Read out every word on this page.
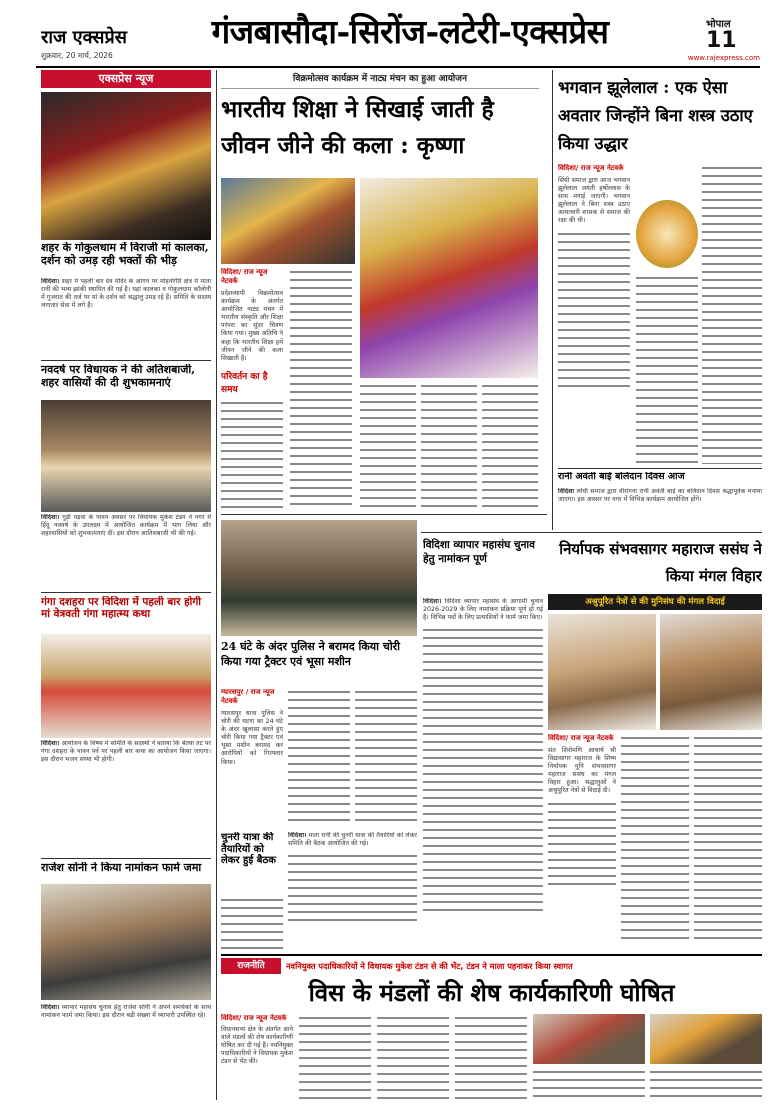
राज एक्सप्रेस
शुक्रवार, 20 मार्च, 2026
गंजबासौदा-सिरोंज-लटेरी-एक्सप्रेस	भोपाल
11
www.rajexpress.com
एक्सप्रेस न्यूज
शहर के गोकुलधाम में विराजी मां कालका, दर्शन को उमड़ रही भक्तों की भीड़
विदिशा। शहर में पहली बार देव मंदिर के आंगन पर मोहनगिरि क्षेत्र में माता रानी की भव्य झांकी स्थापित की गई है। यहां कालका व गोकुलधाम कॉलोनी में गुजरात की तर्ज पर मां के दर्शन को श्रद्धालु उमड़ रहे हैं। समिति के सदस्य लगातार सेवा में लगे हैं।
नवदर्ष पर विधायक ने की अतिशबाजी, शहर वासियों की दी शुभकामनाएं
विदिशा। गुड़ी पड़वा के पावन अवसर पर विधायक मुकेश टंडन ने नगर में हिंदू नववर्ष के उपलक्ष्य में आयोजित कार्यक्रम में भाग लिया और शहरवासियों को शुभकामनाएं दीं। इस दौरान आतिशबाजी भी की गई।
गंगा दशहरा पर विदिशा में पहली बार होगी मां वेत्रवती गंगा महात्म्य कथा
विदिशा। आयोजन के विषय में समिति के सदस्यों ने बताया कि बेतवा तट पर गंगा दशहरा के पावन पर्व पर पहली बार कथा का आयोजन किया जाएगा। इस दौरान भजन संध्या भी होगी।
राजेश सोनी ने किया नामांकन फार्म जमा
विदिशा। व्यापार महासंघ चुनाव हेतु राजेश सोनी ने अपने समर्थकों के साथ नामांकन फार्म जमा किया। इस दौरान बड़ी संख्या में व्यापारी उपस्थित रहे।
विक्रमोत्सव कार्यक्रम में नाट्य मंचन का हुआ आयोजन
भारतीय शिक्षा ने सिखाई जाती है जीवन जीने की कला : कृष्णा
विदिशा/ राज न्यूज नेटवर्क
प्रदेशव्यापी विक्रमोत्सव कार्यक्रम के अंतर्गत आयोजित नाट्य मंचन में भारतीय संस्कृति और शिक्षा परंपरा का सुंदर चित्रण किया गया। मुख्य अतिथि ने कहा कि भारतीय शिक्षा हमें जीवन जीने की कला सिखाती है।
परिवर्तन का है समय
भगवान झूलेलाल : एक ऐसा अवतार जिन्होंने बिना शस्त्र उठाए किया उद्धार
विदिशा/ राज न्यूज नेटवर्क
सिंधी समाज द्वारा आज भगवान झूलेलाल जयंती हर्षोल्लास के साथ मनाई जाएगी। भगवान झूलेलाल ने बिना शस्त्र उठाए अत्याचारी शासक से समाज की रक्षा की थी।
रानी अवंती बाई बलिदान दिवस आज
विदिशा लोधी समाज द्वारा वीरांगना रानी अवंती बाई का बलिदान दिवस श्रद्धापूर्वक मनाया जाएगा। इस अवसर पर नगर में विभिन्न कार्यक्रम आयोजित होंगे।
24 घंटे के अंदर पुलिस ने बरामद किया चोरी किया गया ट्रैक्टर एवं भूसा मशीन
ग्यारसपुर / राज न्यूज नेटवर्क
ग्यारसपुर थाना पुलिस ने चोरी की घटना का 24 घंटे के अंदर खुलासा करते हुए चोरी किया गया ट्रैक्टर एवं भूसा मशीन बरामद कर आरोपियों को गिरफ्तार किया।
चुनरी यात्रा की तैयारियों को लेकर हुई बैठक
विदिशा। माता रानी की चुनरी यात्रा की तैयारियों को लेकर समिति की बैठक आयोजित की गई।
विदिशा व्यापार महासंघ चुनाव हेतु नामांकन पूर्ण
विदिशा। विदिशा व्यापार महासंघ के आगामी चुनाव 2026-2029 के लिए नामांकन प्रक्रिया पूर्ण हो गई है। विभिन्न पदों के लिए प्रत्याशियों ने फार्म जमा किए।
निर्यापक संभवसागर महाराज ससंघ ने किया मंगल विहार
अश्रुपूरित नेत्रों से की मुनिसंघ की मंगल विदाई
विदिशा/ राज न्यूज नेटवर्क
संत शिरोमणि आचार्य श्री विद्यासागर महाराज के शिष्य निर्यापक मुनि संभवसागर महाराज ससंघ का मंगल विहार हुआ। श्रद्धालुओं ने अश्रुपूरित नेत्रों से विदाई दी।
राजनीति	नवनियुक्त पदाधिकारियों ने विधायक मुकेश टंडन से की भेंट, टंडन ने माला पहनाकर किया स्वागत
विस के मंडलों की शेष कार्यकारिणी घोषित
विदिशा/ राज न्यूज नेटवर्क
विधानसभा क्षेत्र के अंतर्गत आने वाले मंडलों की शेष कार्यकारिणी घोषित कर दी गई है। नवनियुक्त पदाधिकारियों ने विधायक मुकेश टंडन से भेंट की।
